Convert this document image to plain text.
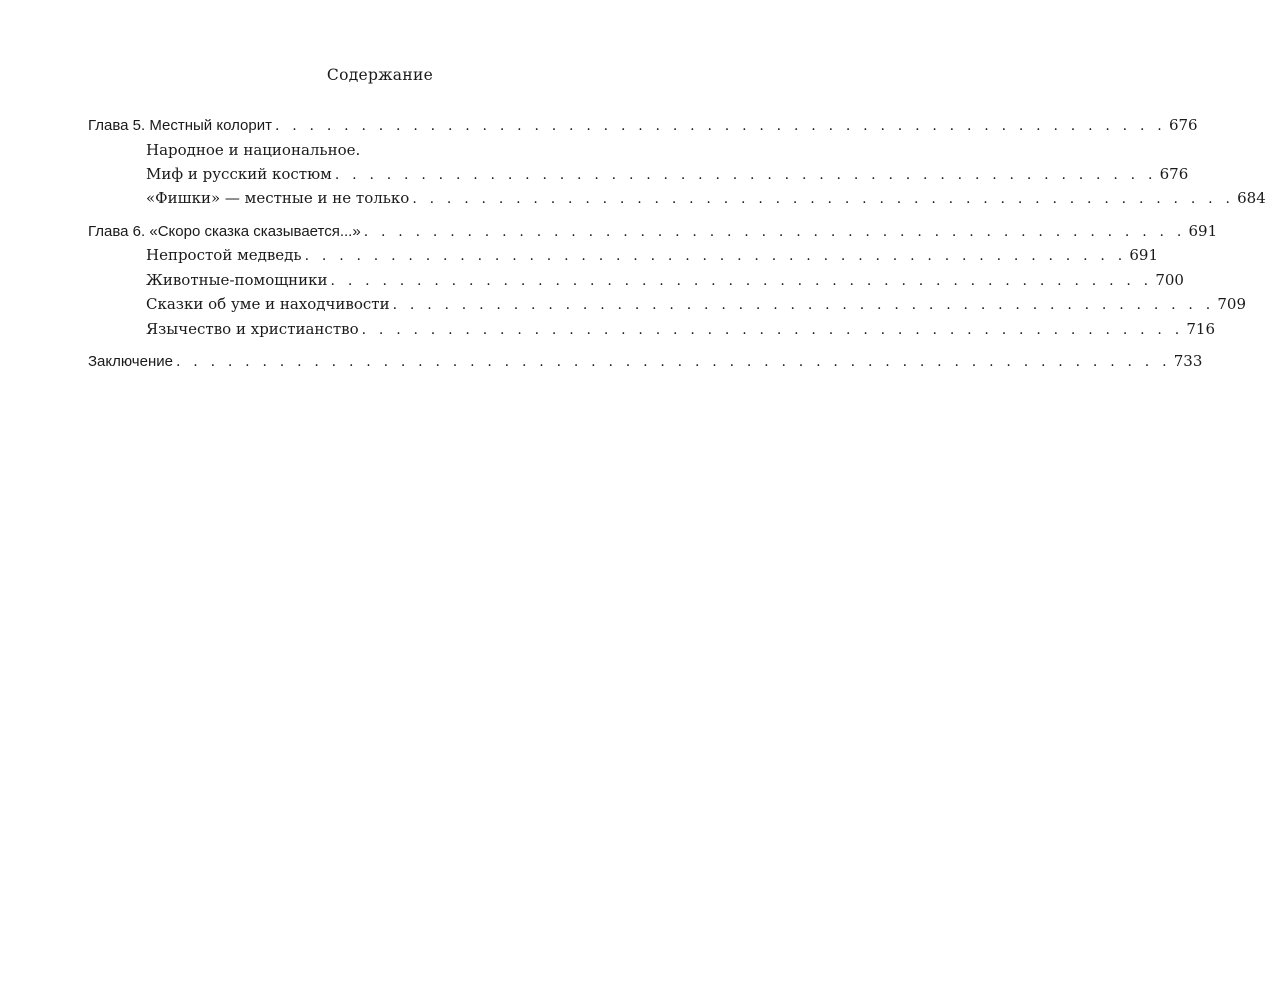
Содержание
Глава 5. Местный колорит . . . . . . . . . . . . . . . . . . . . . . . . . . . . . . . . . . . . . . . . . . . . . . . . . . . . 676
Народное и национальное.
Миф и русский костюм . . . . . . . . . . . . . . . . . . . . . . . . . . . . . . . . . . . . . . . . . . . . . . . . 676
«Фишки» — местные и не только . . . . . . . . . . . . . . . . . . . . . . . . . . . . . . . . . . . . . . . . . . . . . . . . 684
Глава 6. «Скоро сказка сказывается...» . . . . . . . . . . . . . . . . . . . . . . . . . . . . . . . . . . . . . . . . . . . . . . . . 691
Непростой медведь . . . . . . . . . . . . . . . . . . . . . . . . . . . . . . . . . . . . . . . . . . . . . . . . 691
Животные-помощники . . . . . . . . . . . . . . . . . . . . . . . . . . . . . . . . . . . . . . . . . . . . . . . . 700
Сказки об уме и находчивости . . . . . . . . . . . . . . . . . . . . . . . . . . . . . . . . . . . . . . . . . . . . . . . . 709
Язычество и христианство . . . . . . . . . . . . . . . . . . . . . . . . . . . . . . . . . . . . . . . . . . . . . . . . 716
Заключение . . . . . . . . . . . . . . . . . . . . . . . . . . . . . . . . . . . . . . . . . . . . . . . . . . . . . . . . . . 733
